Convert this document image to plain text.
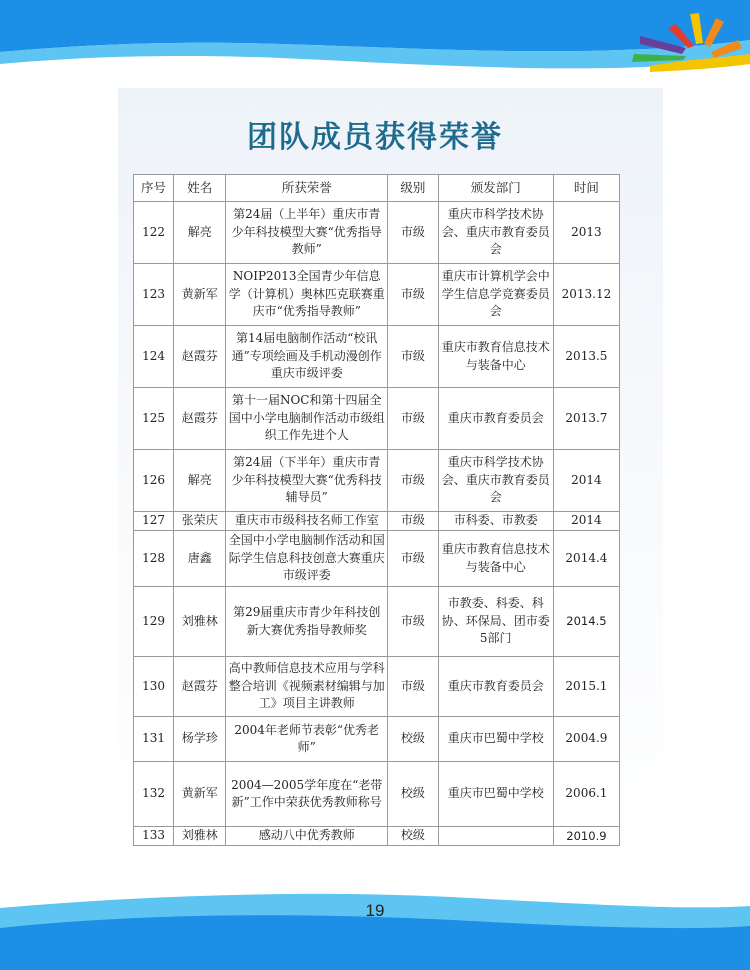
团队成员获得荣誉
序号	姓名	所获荣誉	级别	颁发部门	时间
122	解亮	第24届（上半年）重庆市青少年科技模型大赛“优秀指导教师”	市级	重庆市科学技术协会、重庆市教育委员会	2013
123	黄新军	NOIP2013全国青少年信息学（计算机）奥林匹克联赛重庆市“优秀指导教师”	市级	重庆市计算机学会中学生信息学竞赛委员会	2013.12
124	赵霞芬	第14届电脑制作活动“校讯通”专项绘画及手机动漫创作重庆市级评委	市级	重庆市教育信息技术与装备中心	2013.5
125	赵霞芬	第十一届NOC和第十四届全国中小学电脑制作活动市级组织工作先进个人	市级	重庆市教育委员会	2013.7
126	解亮	第24届（下半年）重庆市青少年科技模型大赛“优秀科技辅导员”	市级	重庆市科学技术协会、重庆市教育委员会	2014
127	张荣庆	重庆市市级科技名师工作室	市级	市科委、市教委	2014
128	唐鑫	全国中小学电脑制作活动和国际学生信息科技创意大赛重庆市级评委	市级	重庆市教育信息技术与装备中心	2014.4
129	刘雅林	第29届重庆市青少年科技创新大赛优秀指导教师奖	市级	市教委、科委、科协、环保局、团市委5部门	2014.5
130	赵霞芬	高中教师信息技术应用与学科整合培训《视频素材编辑与加工》项目主讲教师	市级	重庆市教育委员会	2015.1
131	杨学珍	2004年老师节表彰“优秀老师”	校级	重庆市巴蜀中学校	2004.9
132	黄新军	2004—2005学年度在“老带新”工作中荣获优秀教师称号	校级	重庆市巴蜀中学校	2006.1
133	刘雅林	感动八中优秀教师	校级		2010.9
19
